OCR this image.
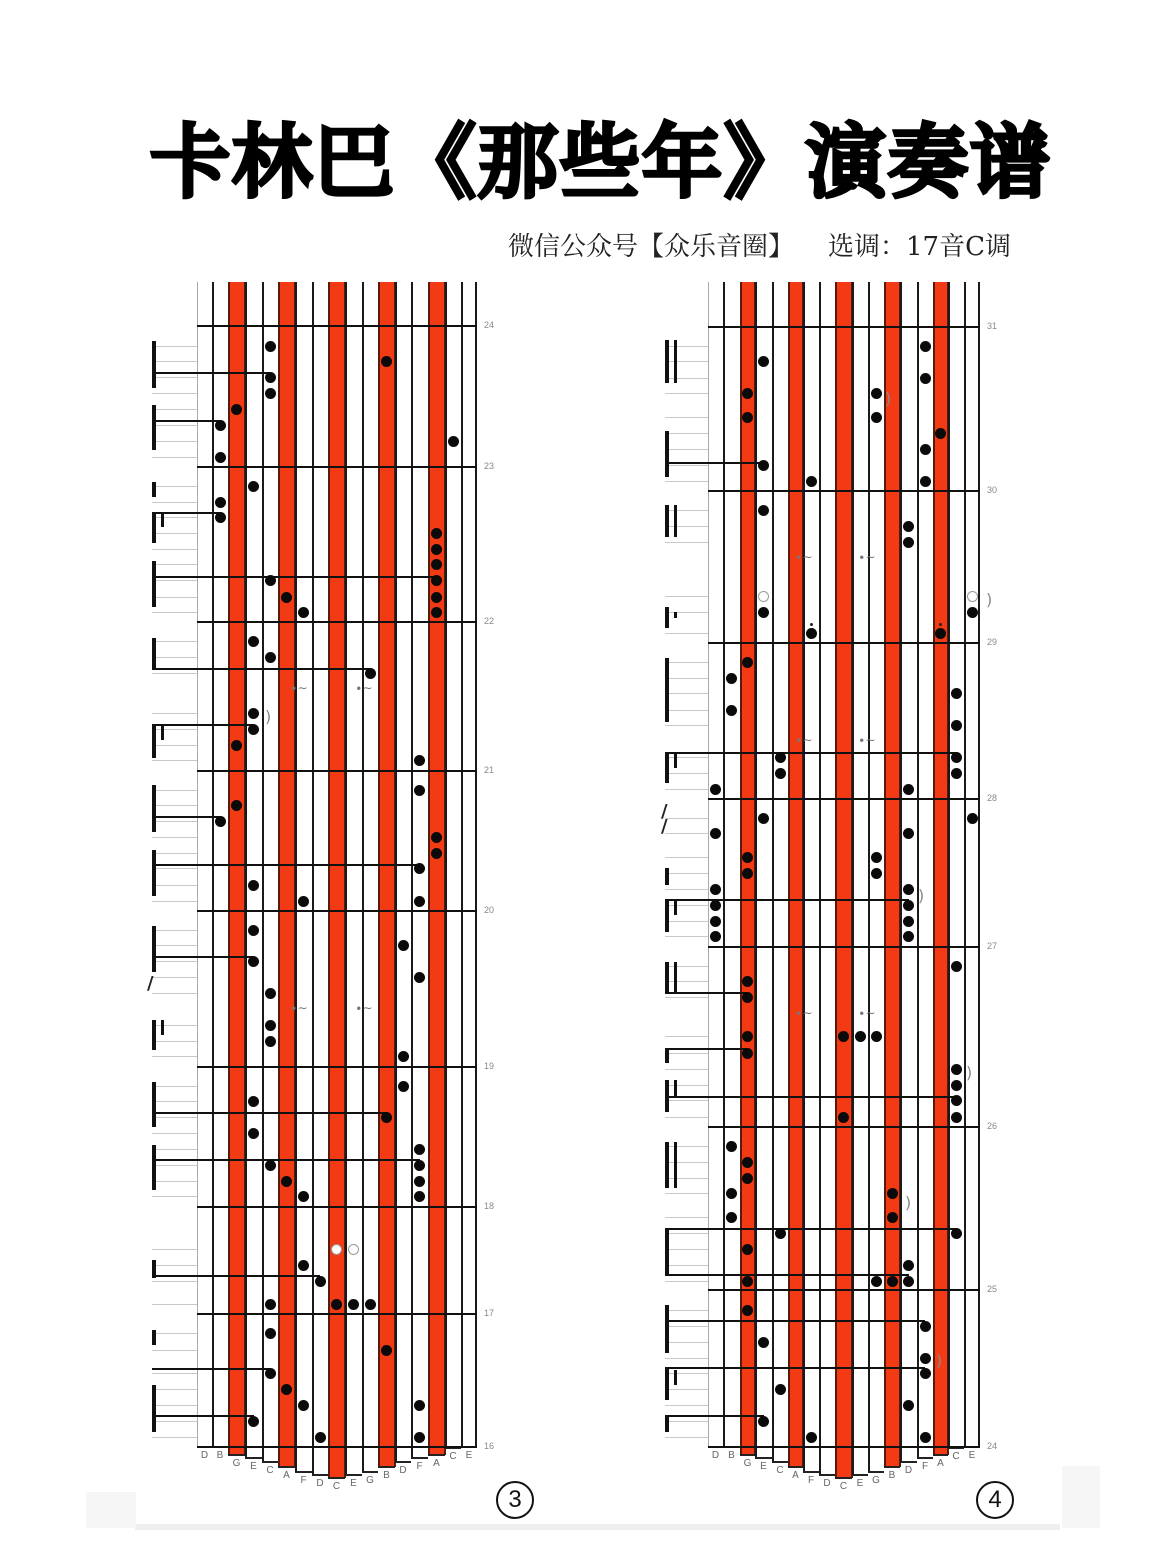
卡林巴《那些年》演奏谱
微信公众号【众乐音圈】 选调：17音C调
D B
G E C A F D C E G B D F A
C E
24
23
22
21
20
19
18
17
16
∙∼	∙∼
∙∼	∙∼
)
/
3
D B
G E C A F D C E G B D F A
C E
31
30
29
28
27
26
25
24
∙∼	∙∼
∙∼	∙∼
∙∼	∙∼
)
)
)
)
)
)
/
/
4
